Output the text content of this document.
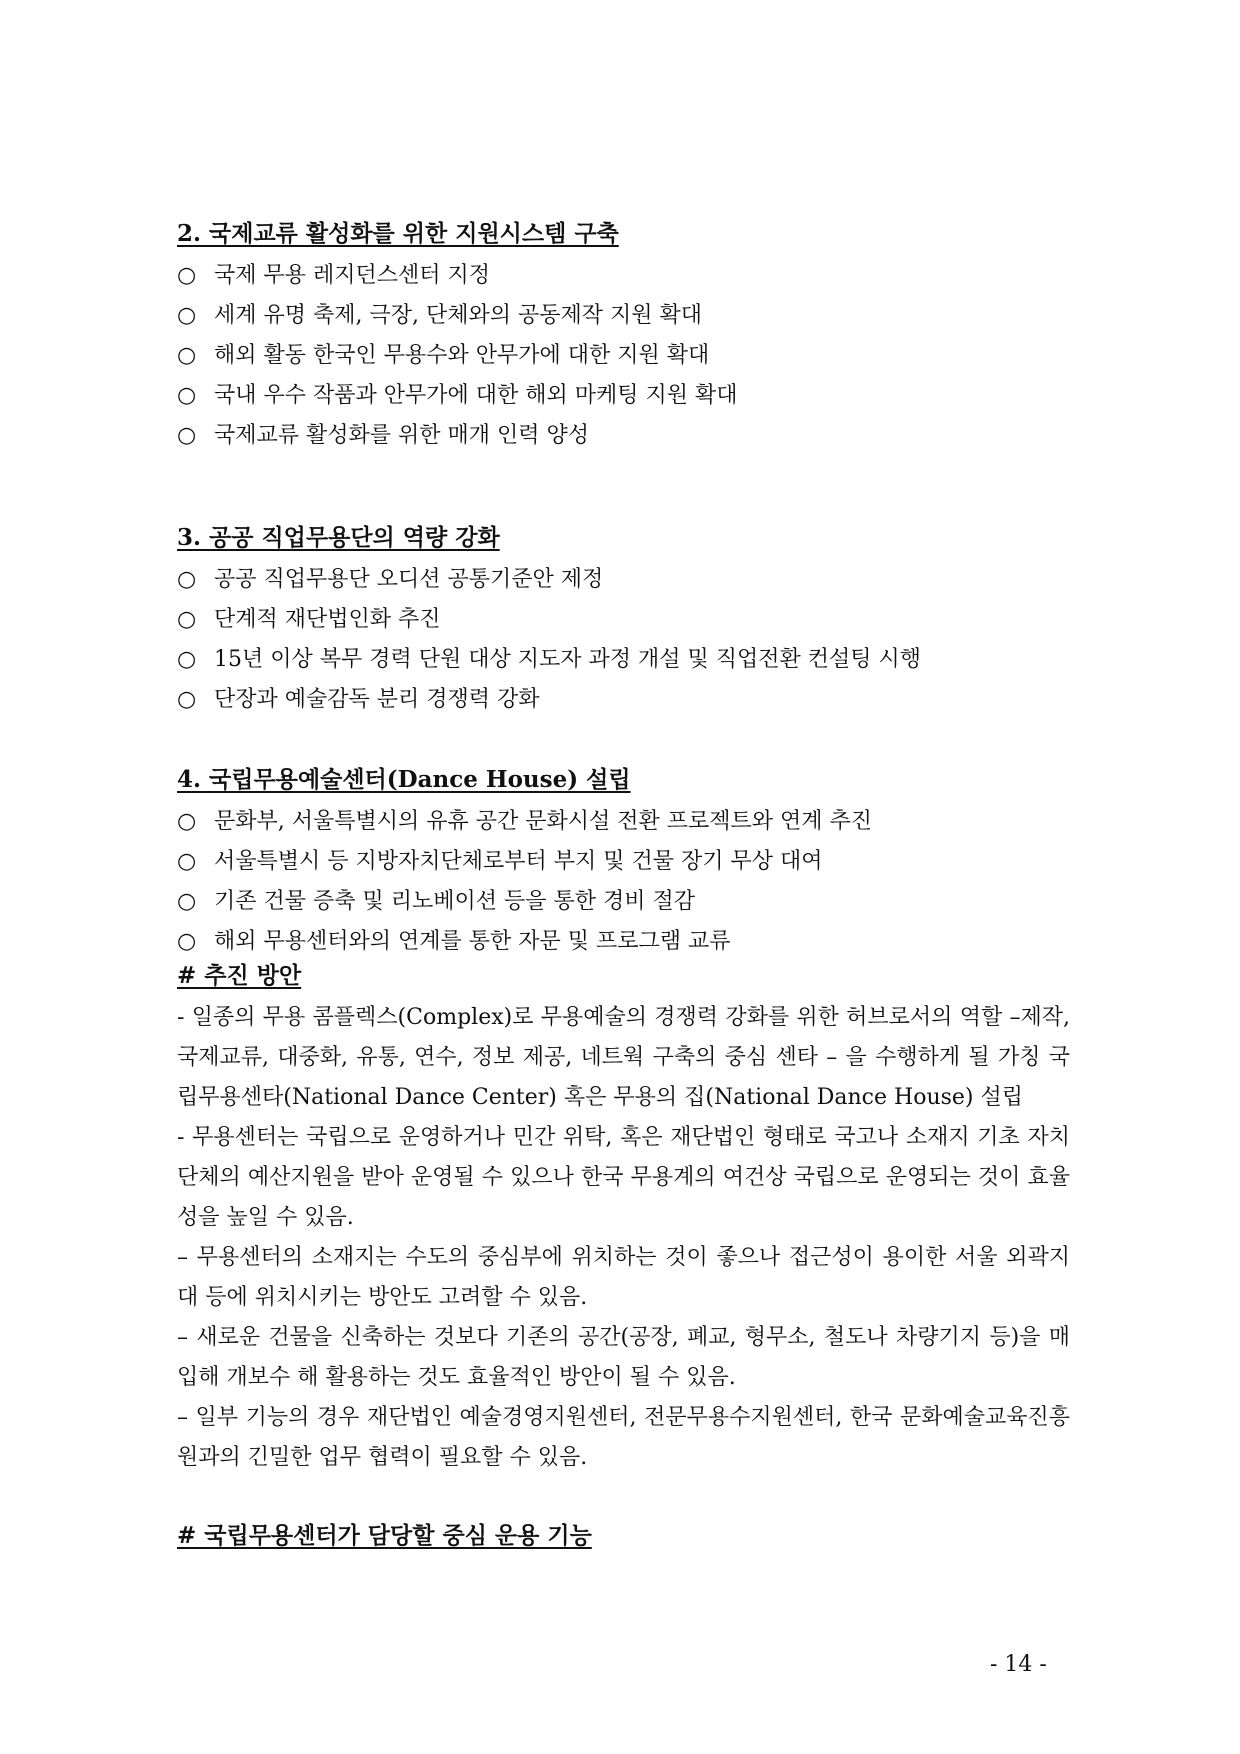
2. 국제교류 활성화를 위한 지원시스템 구축

○ 국제 무용 레지던스센터 지정
○ 세계 유명 축제, 극장, 단체와의 공동제작 지원 확대
○ 해외 활동 한국인 무용수와 안무가에 대한 지원 확대
○ 국내 우수 작품과 안무가에 대한 해외 마케팅 지원 확대
○ 국제교류 활성화를 위한 매개 인력 양성

3. 공공 직업무용단의 역량 강화

○ 공공 직업무용단 오디션 공통기준안 제정
○ 단계적 재단법인화 추진
○ 15년 이상 복무 경력 단원 대상 지도자 과정 개설 및 직업전환 컨설팅 시행
○ 단장과 예술감독 분리 경쟁력 강화

4. 국립무용예술센터(Dance House) 설립

○ 문화부, 서울특별시의 유휴 공간 문화시설 전환 프로젝트와 연계 추진
○ 서울특별시 등 지방자치단체로부터 부지 및 건물 장기 무상 대여
○ 기존 건물 증축 및 리노베이션 등을 통한 경비 절감
○ 해외 무용센터와의 연계를 통한 자문 및 프로그램 교류

# 추진 방안

- 일종의 무용 콤플렉스(Complex)로 무용예술의 경쟁력 강화를 위한 허브로서의 역할 –제작, 국제교류, 대중화, 유통, 연수, 정보 제공, 네트웍 구축의 중심 센타 – 을 수행하게 될 가칭 국립무용센타(National Dance Center) 혹은 무용의 집(National Dance House) 설립

- 무용센터는 국립으로 운영하거나 민간 위탁, 혹은 재단법인 형태로 국고나 소재지 기초 자치 단체의 예산지원을 받아 운영될 수 있으나 한국 무용계의 여건상 국립으로 운영되는 것이 효율성을 높일 수 있음.

– 무용센터의 소재지는 수도의 중심부에 위치하는 것이 좋으나 접근성이 용이한 서울 외곽지대 등에 위치시키는 방안도 고려할 수 있음.

– 새로운 건물을 신축하는 것보다 기존의 공간(공장, 폐교, 형무소, 철도나 차량기지 등)을 매입해 개보수 해 활용하는 것도 효율적인 방안이 될 수 있음.

– 일부 기능의 경우 재단법인 예술경영지원센터, 전문무용수지원센터, 한국 문화예술교육진흥원과의 긴밀한 업무 협력이 필요할 수 있음.

# 국립무용센터가 담당할 중심 운용 기능

- 14 -
